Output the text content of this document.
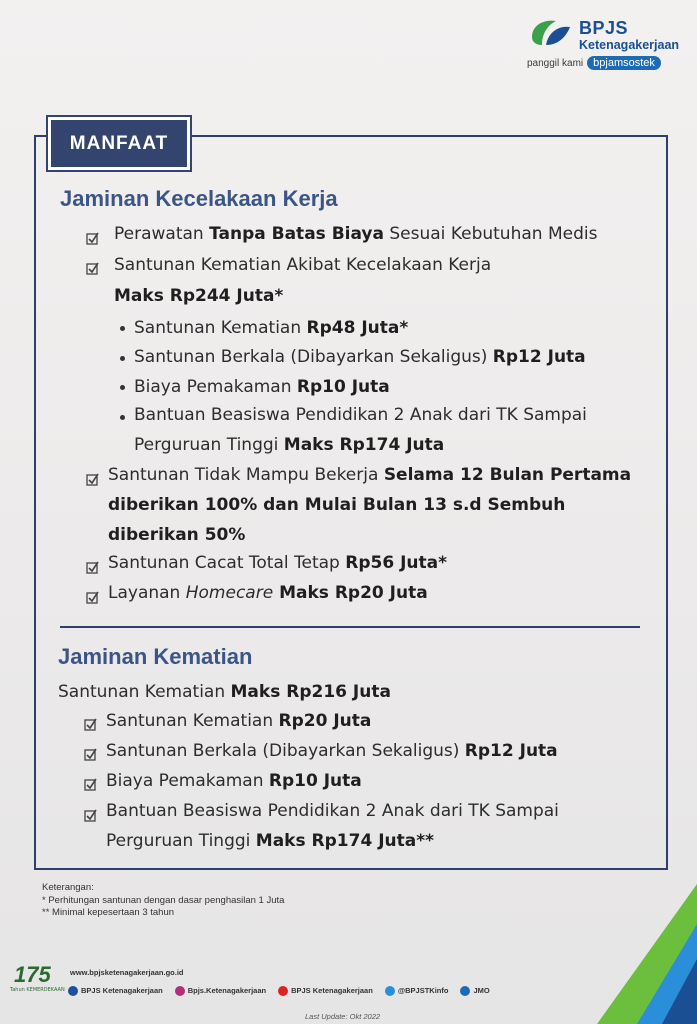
BPJS
Ketenagakerjaan
panggil kami bpjamsostek
MANFAAT
Jaminan Kecelakaan Kerja
Perawatan Tanpa Batas Biaya Sesuai Kebutuhan Medis
Santunan Kematian Akibat Kecelakaan Kerja
Maks Rp244 Juta*
Santunan Kematian Rp48 Juta*
Santunan Berkala (Dibayarkan Sekaligus) Rp12 Juta
Biaya Pemakaman Rp10 Juta
Bantuan Beasiswa Pendidikan 2 Anak dari TK Sampai
Perguruan Tinggi Maks Rp174 Juta
Santunan Tidak Mampu Bekerja Selama 12 Bulan Pertama
diberikan 100% dan Mulai Bulan 13 s.d Sembuh
diberikan 50%
Santunan Cacat Total Tetap Rp56 Juta*
Layanan Homecare Maks Rp20 Juta
Jaminan Kematian
Santunan Kematian Maks Rp216 Juta
Santunan Kematian Rp20 Juta
Santunan Berkala (Dibayarkan Sekaligus) Rp12 Juta
Biaya Pemakaman Rp10 Juta
Bantuan Beasiswa Pendidikan 2 Anak dari TK Sampai
Perguruan Tinggi Maks Rp174 Juta**
Keterangan:
* Perhitungan santunan dengan dasar penghasilan 1 Juta
** Minimal kepesertaan 3 tahun
175
Tahun KEMERDEKAAN
www.bpjsketenagakerjaan.go.id
BPJS Ketenagakerjaan	Bpjs.Ketenagakerjaan	BPJS Ketenagakerjaan	@BPJSTKinfo	JMO
Last Update: Okt 2022
